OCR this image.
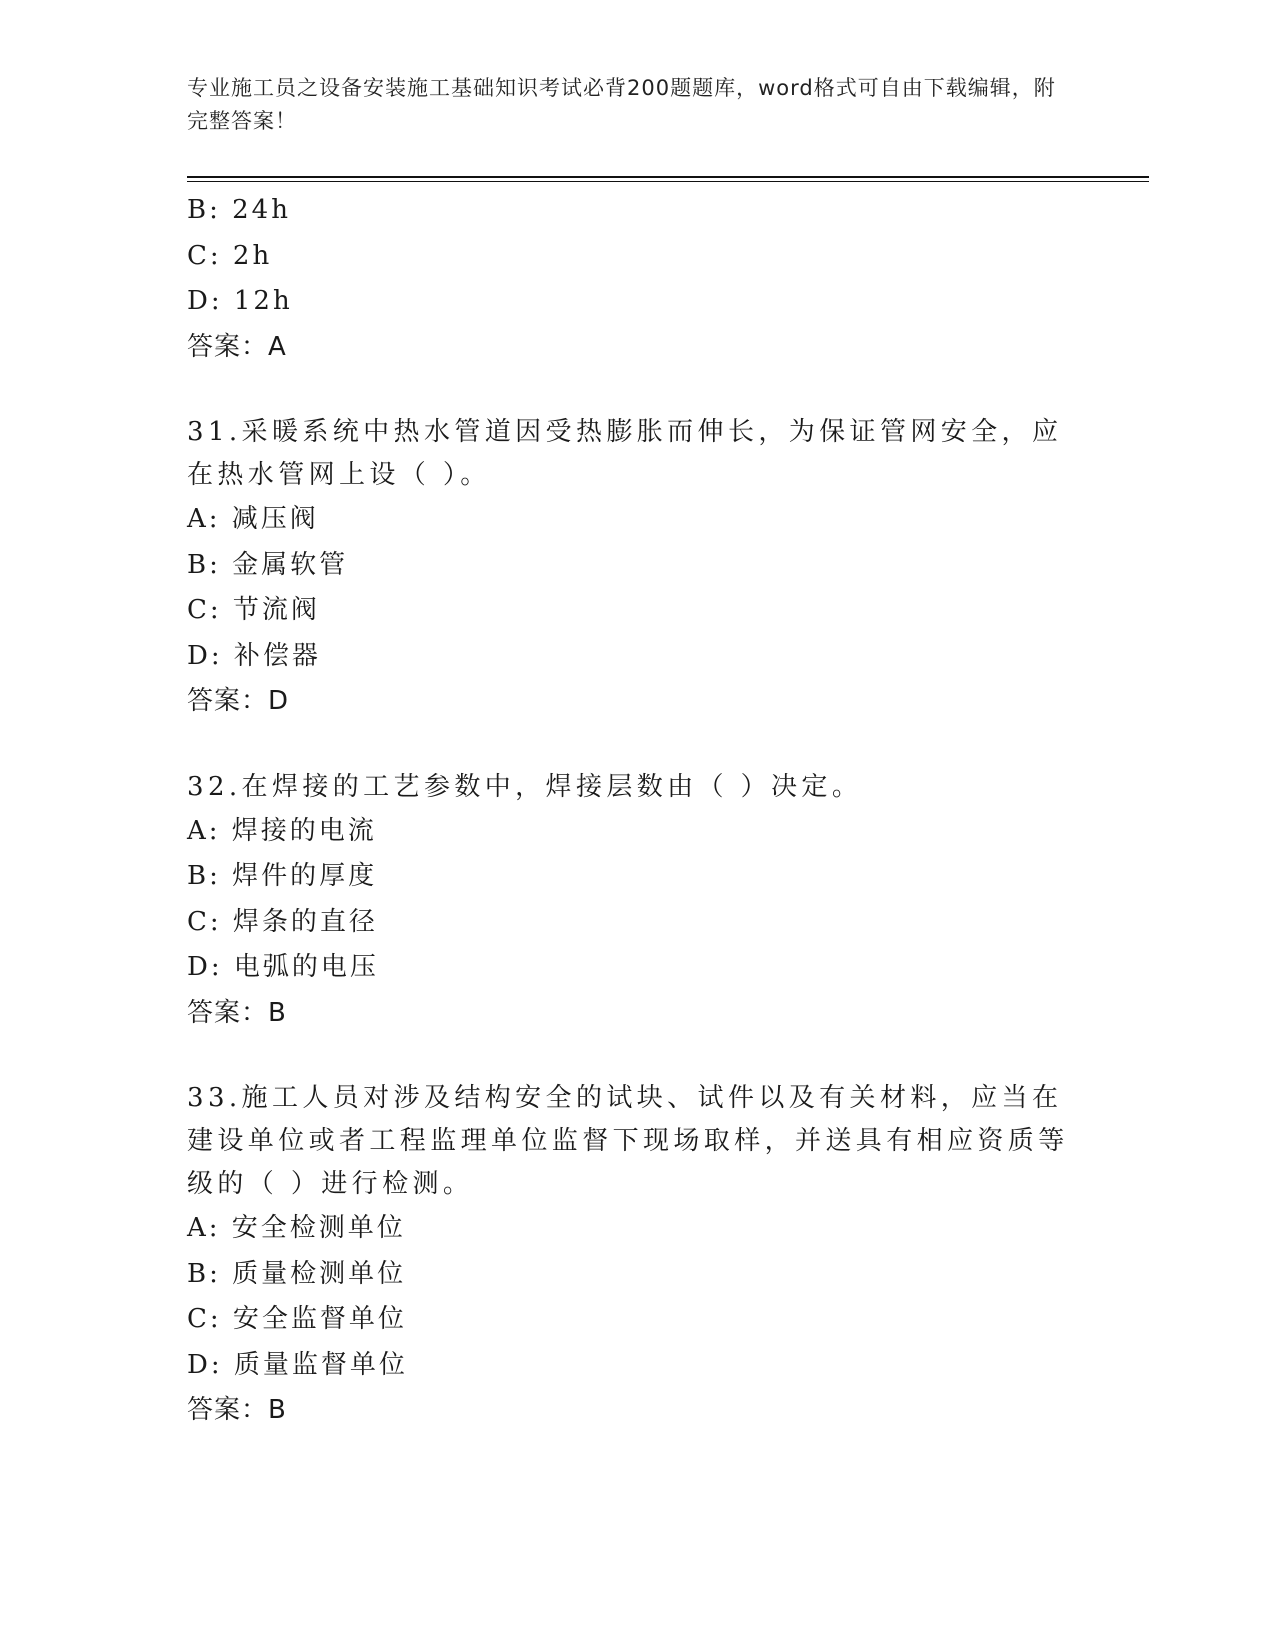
专业施工员之设备安装施工基础知识考试必背200题题库，word格式可自由下载编辑，附完整答案！
B: 24h
C: 2h
D: 12h
答案：A
31.采暖系统中热水管道因受热膨胀而伸长，为保证管网安全，应在热水管网上设（ ）。
A: 减压阀
B: 金属软管
C: 节流阀
D: 补偿器
答案：D
32.在焊接的工艺参数中，焊接层数由（ ）决定。
A: 焊接的电流
B: 焊件的厚度
C: 焊条的直径
D: 电弧的电压
答案：B
33.施工人员对涉及结构安全的试块、试件以及有关材料，应当在建设单位或者工程监理单位监督下现场取样，并送具有相应资质等级的（ ）进行检测。
A: 安全检测单位
B: 质量检测单位
C: 安全监督单位
D: 质量监督单位
答案：B
